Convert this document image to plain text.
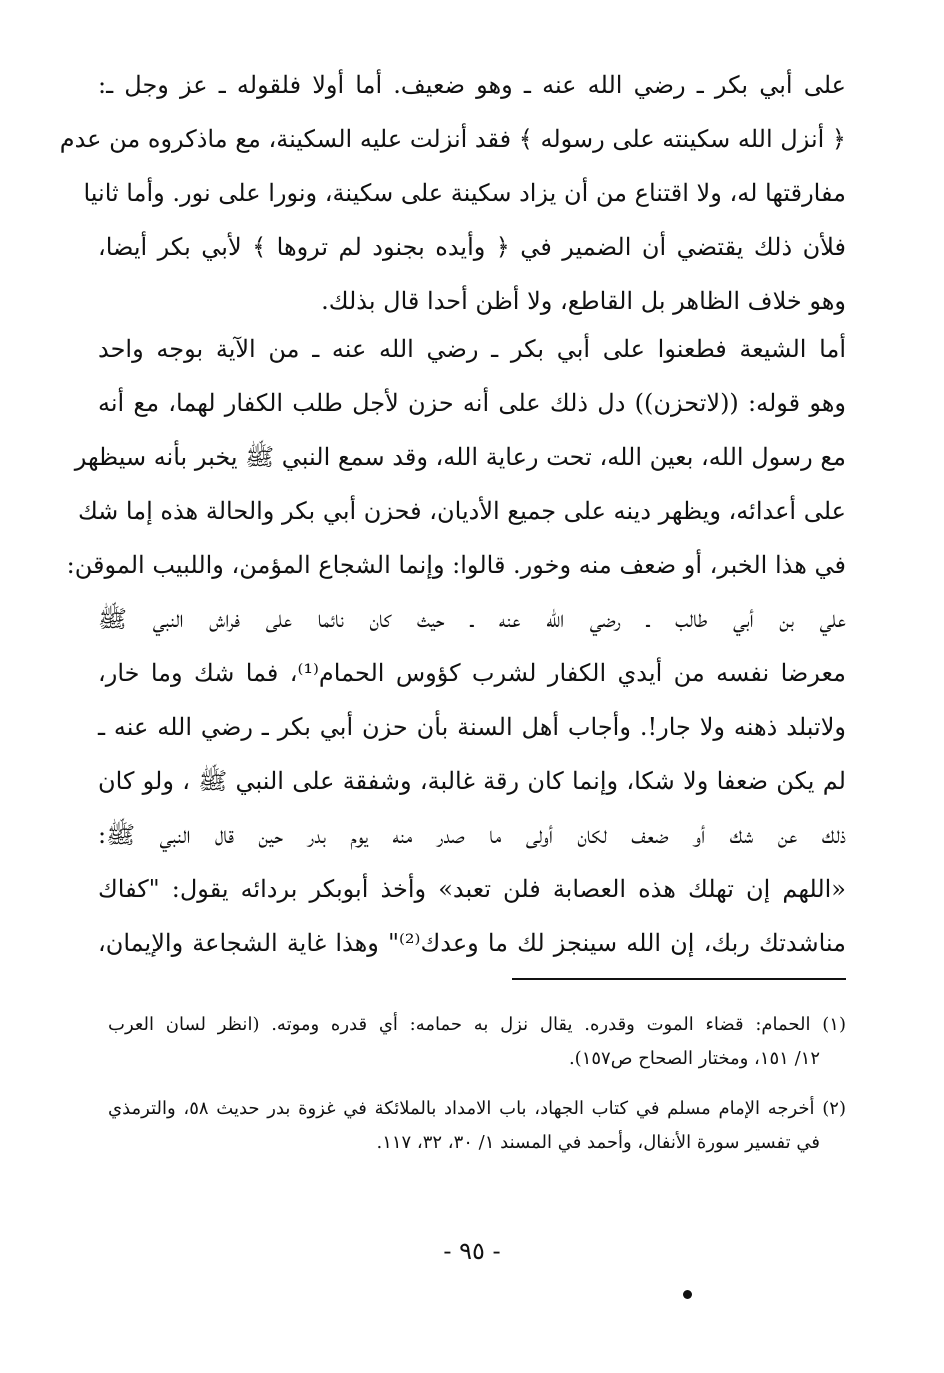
على أبي بكر ـ رضي الله عنه ـ وهو ضعيف. أما أولا فلقوله ـ عز وجل ـ:
﴿ أنزل الله سكينته على رسوله ﴾ فقد أنزلت عليه السكينة، مع ماذكروه من عدم
مفارقتها له، ولا اقتناع من أن يزاد سكينة على سكينة، ونورا على نور. وأما ثانيا
فلأن ذلك يقتضي أن الضمير في ﴿ وأيده بجنود لم تروها ﴾ لأبي بكر أيضا،
وهو خلاف الظاهر بل القاطع، ولا أظن أحدا قال بذلك.
أما الشيعة فطعنوا على أبي بكر ـ رضي الله عنه ـ من الآية بوجه واحد
وهو قوله: ((لاتحزن)) دل ذلك على أنه حزن لأجل طلب الكفار لهما، مع أنه
مع رسول الله، بعين الله، تحت رعاية الله، وقد سمع النبي ﷺ يخبر بأنه سيظهر
على أعدائه، ويظهر دينه على جميع الأديان، فحزن أبي بكر والحالة هذه إما شك
في هذا الخبر، أو ضعف منه وخور. قالوا: وإنما الشجاع المؤمن، واللبيب الموقن:
علي بن أبي طالب ـ رضي الله عنه ـ حيث كان نائما على فراش النبي ﷺ
معرضا نفسه من أيدي الكفار لشرب كؤوس الحمام⁽¹⁾، فما شك وما خار،
ولاتبلد ذهنه ولا جار!. وأجاب أهل السنة بأن حزن أبي بكر ـ رضي الله عنه ـ
لم يكن ضعفا ولا شكا، وإنما كان رقة غالبة، وشفقة على النبي ﷺ ، ولو كان
ذلك عن شك أو ضعف لكان أولى ما صدر منه يوم بدر حين قال النبي ﷺ:
«اللهم إن تهلك هذه العصابة فلن تعبد» وأخذ أبوبكر بردائه يقول: "كفاك
مناشدتك ربك، إن الله سينجز لك ما وعدك⁽²⁾" وهذا غاية الشجاعة والإيمان،
(١) الحمام: قضاء الموت وقدره. يقال نزل به حمامه: أي قدره وموته. (انظر لسان العرب
١٢/ ١٥١، ومختار الصحاح ص١٥٧).
(٢) أخرجه الإمام مسلم في كتاب الجهاد، باب الامداد بالملائكة في غزوة بدر حديث ٥٨، والترمذي
في تفسير سورة الأنفال، وأحمد في المسند ١/ ٣٠، ٣٢، ١١٧.
- ٩٥ -
